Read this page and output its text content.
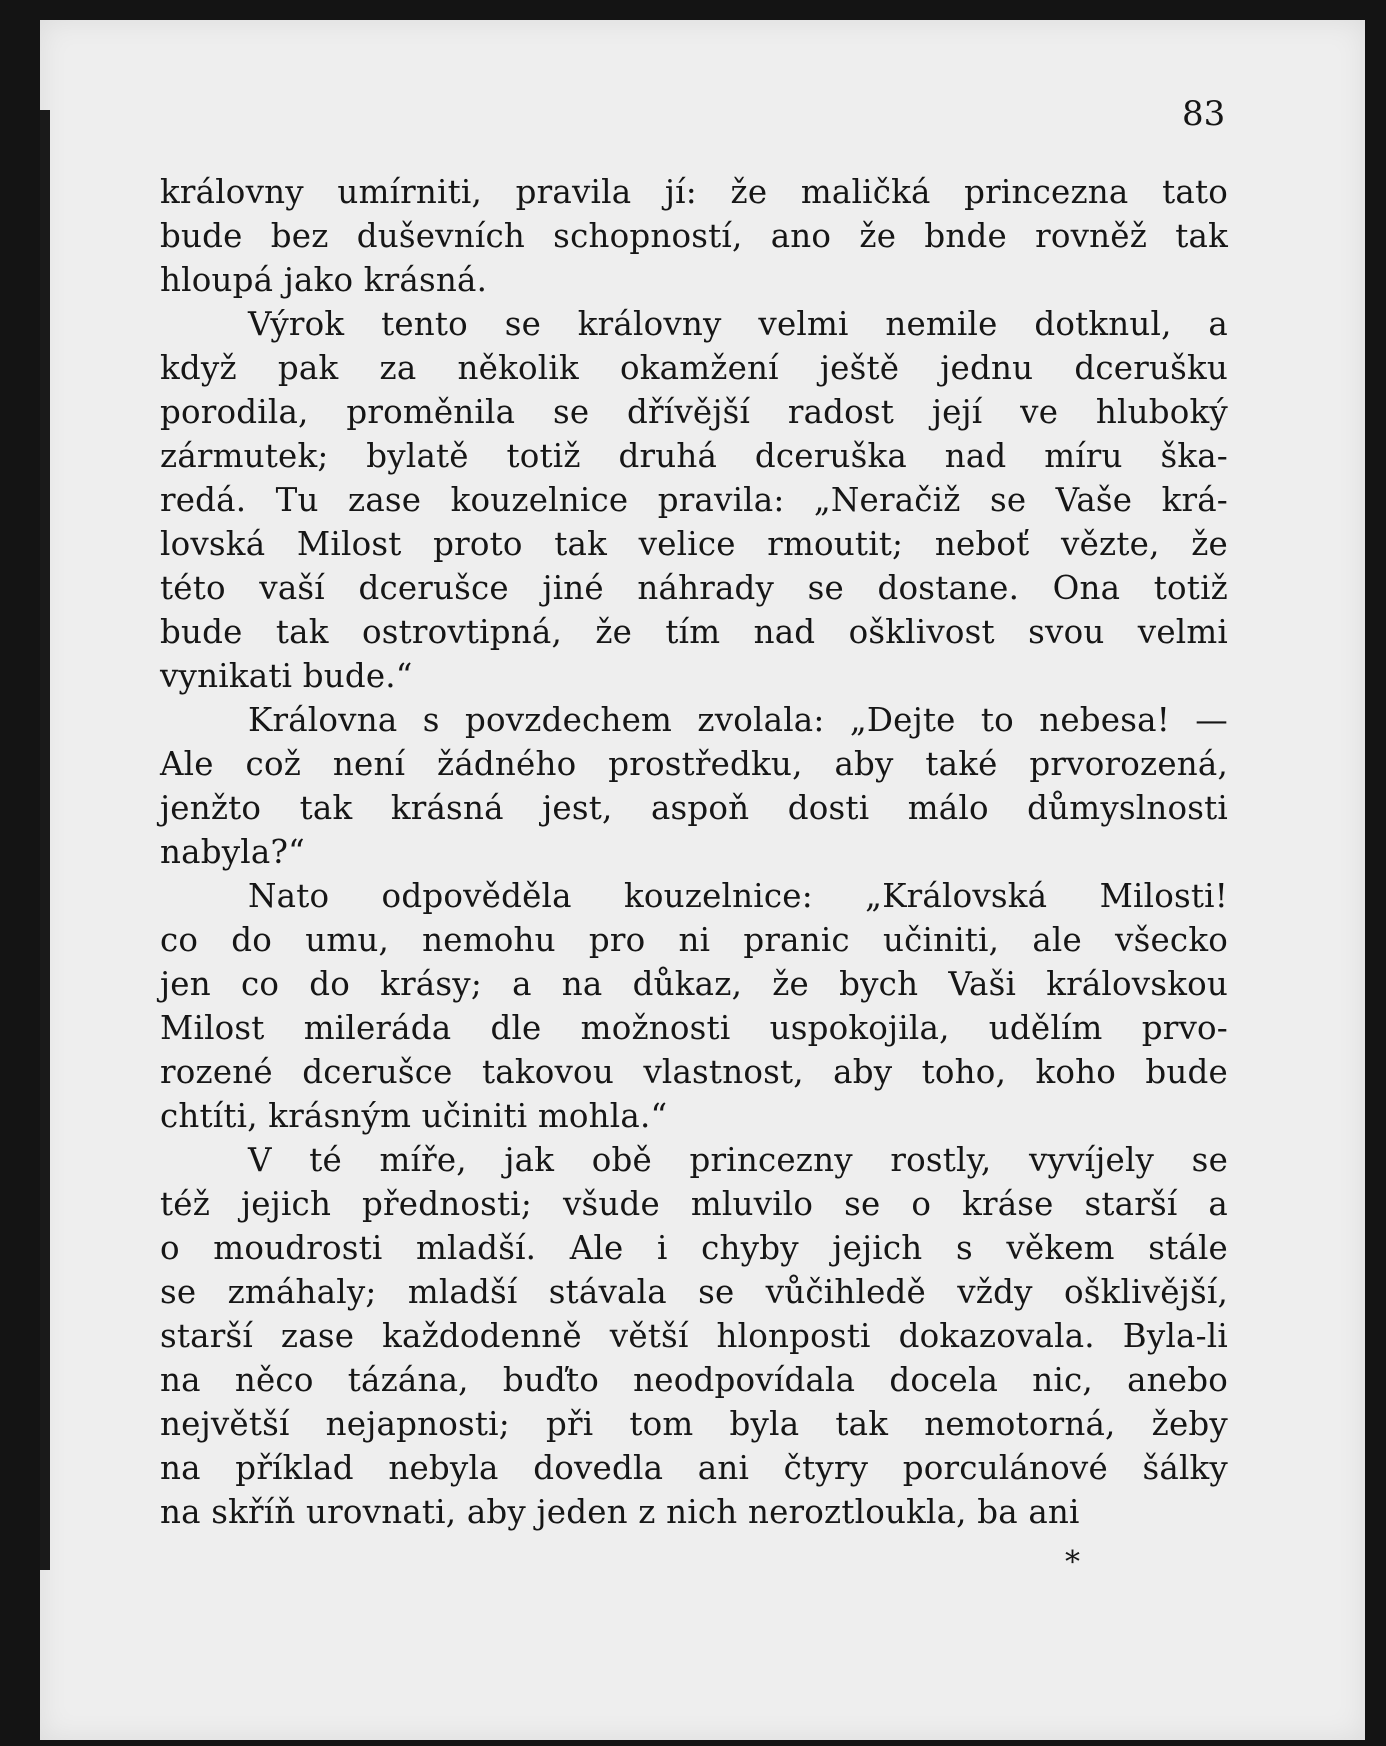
83
královny umírniti, pravila jí: že maličká princezna tato
bude bez duševních schopností, ano že bnde rovněž tak
hloupá jako krásná.
Výrok tento se královny velmi nemile dotknul, a
když pak za několik okamžení ještě jednu dcerušku
porodila, proměnila se dřívější radost její ve hluboký
zármutek; bylatě totiž druhá dceruška nad míru ška-
redá. Tu zase kouzelnice pravila: „Neračiž se Vaše krá-
lovská Milost proto tak velice rmoutit; neboť vězte, že
této vaší dcerušce jiné náhrady se dostane. Ona totiž
bude tak ostrovtipná, že tím nad ošklivost svou velmi
vynikati bude.“
Královna s povzdechem zvolala: „Dejte to nebesa! —
Ale což není žádného prostředku, aby také prvorozená,
jenžto tak krásná jest, aspoň dosti málo důmyslnosti
nabyla?“
Nato odpověděla kouzelnice: „Královská Milosti!
co do umu, nemohu pro ni pranic učiniti, ale všecko
jen co do krásy; a na důkaz, že bych Vaši královskou
Milost mileráda dle možnosti uspokojila, udělím prvo-
rozené dcerušce takovou vlastnost, aby toho, koho bude
chtíti, krásným učiniti mohla.“
V té míře, jak obě princezny rostly, vyvíjely se
též jejich přednosti; všude mluvilo se o kráse starší a
o moudrosti mladší. Ale i chyby jejich s věkem stále
se zmáhaly; mladší stávala se vůčihledě vždy ošklivější,
starší zase každodenně větší hlonposti dokazovala. Byla-li
na něco tázána, buďto neodpovídala docela nic, anebo
největší nejapnosti; při tom byla tak nemotorná, žeby
na příklad nebyla dovedla ani čtyry porculánové šálky
na skříň urovnati, aby jeden z nich neroztloukla, ba ani
*
